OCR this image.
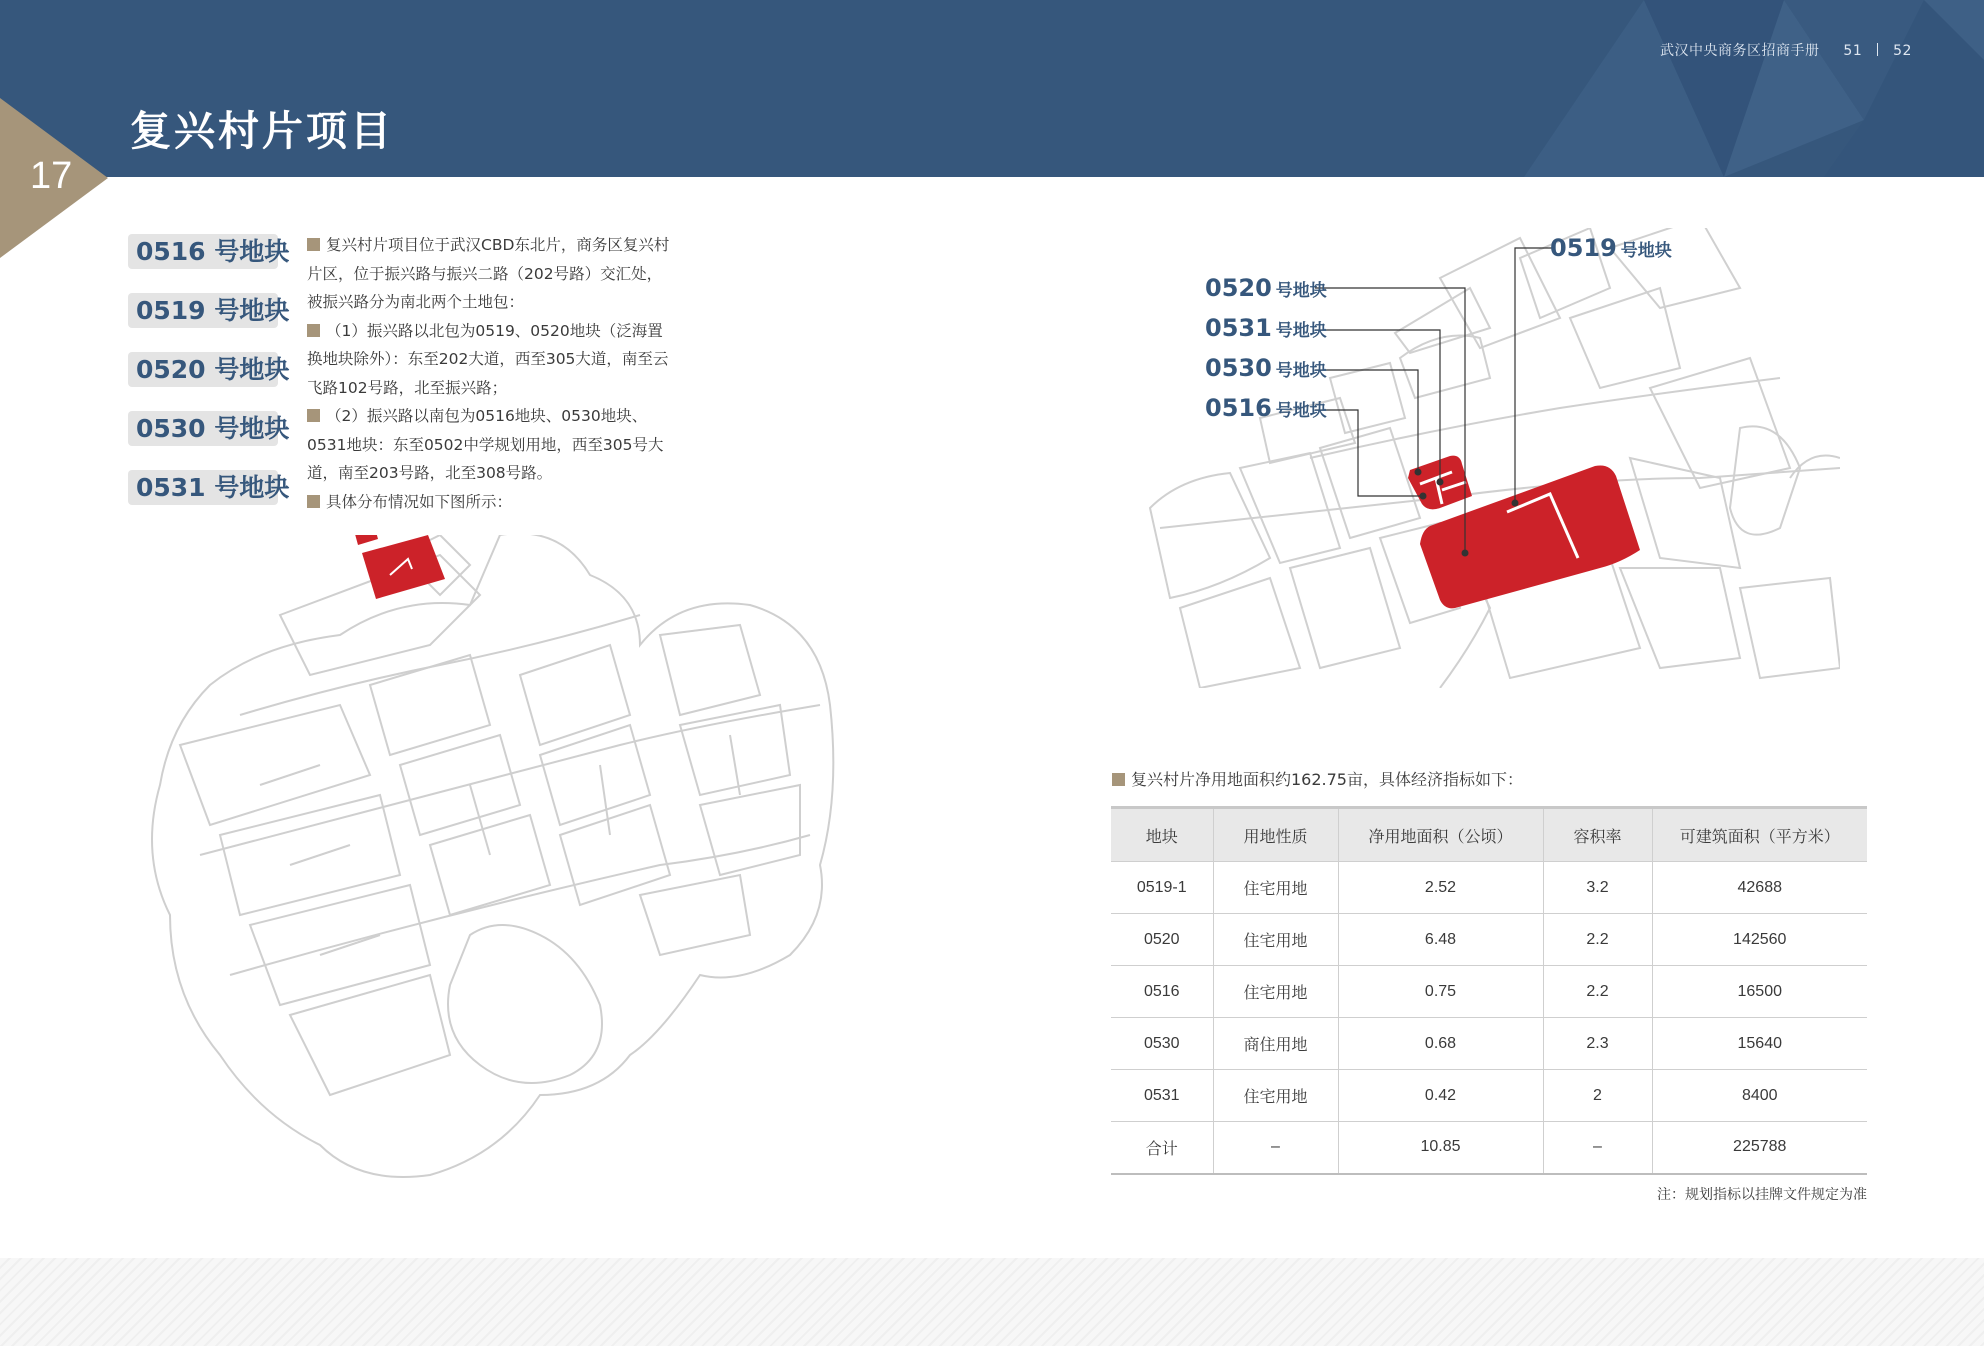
武汉中央商务区招商手册 51 52
复兴村片项目
17
0516 号地块
0519 号地块
0520 号地块
0530 号地块
0531 号地块

复兴村片项目位于武汉CBD东北片，商务区复兴村片区，位于振兴路与振兴二路（202号路）交汇处，被振兴路分为南北两个土地包：

（1）振兴路以北包为0519、0520地块（泛海置换地块除外）：东至202大道，西至305大道，南至云飞路102号路，北至振兴路；

（2）振兴路以南包为0516地块、0530地块、0531地块：东至0502中学规划用地，西至305号大道，南至203号路，北至308号路。

具体分布情况如下图所示：

0519 号地块
0520 号地块
0531 号地块
0530 号地块
0516 号地块
复兴村片净用地面积约162.75亩，具体经济指标如下：
地块	用地性质	净用地面积（公顷）	容积率	可建筑面积（平方米）
0519-1	住宅用地	2.52	3.2	42688
0520	住宅用地	6.48	2.2	142560
0516	住宅用地	0.75	2.2	16500
0530	商住用地	0.68	2.3	15640
0531	住宅用地	0.42	2	8400
合计	–	10.85	–	225788
注：规划指标以挂牌文件规定为准
